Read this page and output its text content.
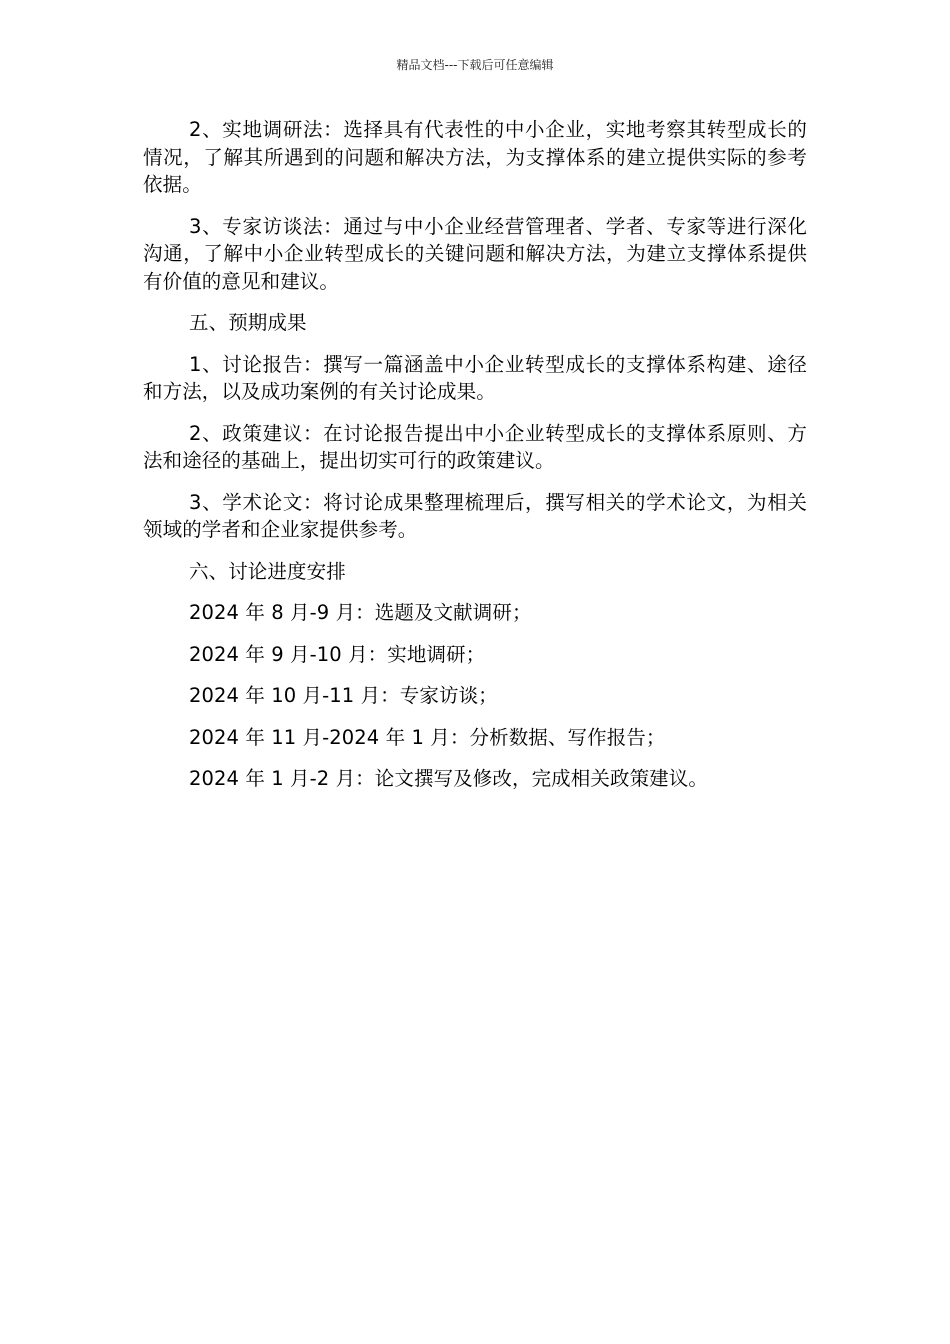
精品文档---下载后可任意编辑

2、实地调研法：选择具有代表性的中小企业，实地考察其转型成长的情况，了解其所遇到的问题和解决方法，为支撑体系的建立提供实际的参考依据。

3、专家访谈法：通过与中小企业经营管理者、学者、专家等进行深化沟通，了解中小企业转型成长的关键问题和解决方法，为建立支撑体系提供有价值的意见和建议。

五、预期成果

1、讨论报告：撰写一篇涵盖中小企业转型成长的支撑体系构建、途径和方法，以及成功案例的有关讨论成果。

2、政策建议：在讨论报告提出中小企业转型成长的支撑体系原则、方法和途径的基础上，提出切实可行的政策建议。

3、学术论文：将讨论成果整理梳理后，撰写相关的学术论文，为相关领域的学者和企业家提供参考。

六、讨论进度安排

2024 年 8 月-9 月：选题及文献调研；

2024 年 9 月-10 月：实地调研；

2024 年 10 月-11 月：专家访谈；

2024 年 11 月-2024 年 1 月：分析数据、写作报告；

2024 年 1 月-2 月：论文撰写及修改，完成相关政策建议。
